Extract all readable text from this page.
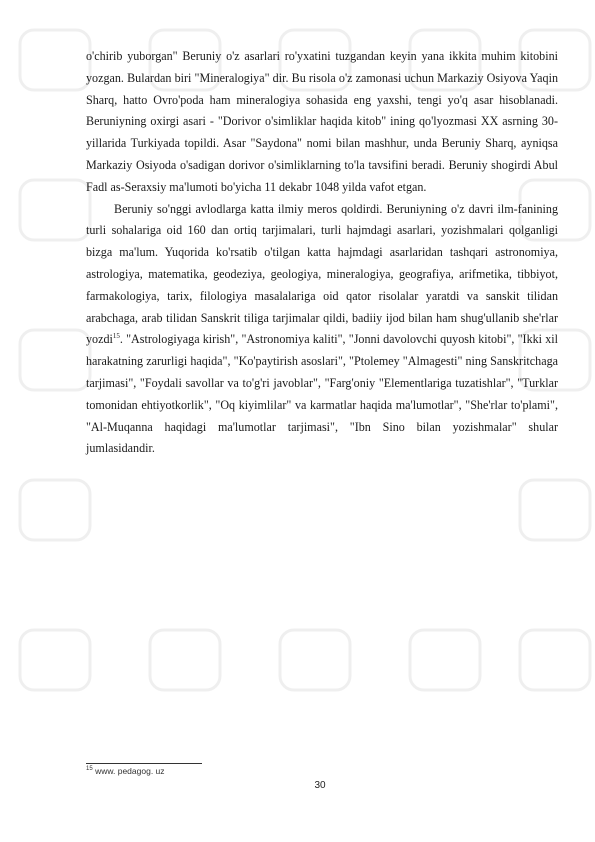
o'chirib yuborgan" Beruniy o'z asarlari ro'yxatini tuzgandan keyin yana ikkita muhim kitobini yozgan. Bulardan biri "Mineralogiya" dir. Bu risola o'z zamonasi uchun Markaziy Osiyova Yaqin Sharq, hatto Ovro'poda ham mineralogiya sohasida eng yaxshi, tengi yo'q asar hisoblanadi. Beruniyning oxirgi asari - "Dorivor o'simliklar haqida kitob" ining qo'lyozmasi XX asrning 30-yillarida Turkiyada topildi. Asar "Saydona" nomi bilan mashhur, unda Beruniy Sharq, ayniqsa Markaziy Osiyoda o'sadigan dorivor o'simliklarning to'la tavsifini beradi. Beruniy shogirdi Abul Fadl as-Seraxsiy ma'lumoti bo'yicha 11 dekabr 1048 yilda vafot etgan.

Beruniy so'nggi avlodlarga katta ilmiy meros qoldirdi. Beruniyning o'z davri ilm-fanining turli sohalariga oid 160 dan ortiq tarjimalari, turli hajmdagi asarlari, yozishmalari qolganligi bizga ma'lum. Yuqorida ko'rsatib o'tilgan katta hajmdagi asarlaridan tashqari astronomiya, astrologiya, matematika, geodeziya, geologiya, mineralogiya, geografiya, arifmetika, tibbiyot, farmakologiya, tarix, filologiya masalalariga oid qator risolalar yaratdi va sanskit tilidan arabchaga, arab tilidan Sanskrit tiliga tarjimalar qildi, badiiy ijod bilan ham shug'ullanib she'rlar yozdi$^{15}$. "Astrologiyaga kirish", "Astronomiya kaliti", "Jonni davolovchi quyosh kitobi", "Ikki xil harakatning zarurligi haqida", "Ko'paytirish asoslari", "Ptolemey "Almagesti" ning Sanskritchaga tarjimasi", "Foydali savollar va to'g'ri javoblar", "Farg'oniy "Elementlariga tuzatishlar", "Turklar tomonidan ehtiyotkorlik", "Oq kiyimlilar" va karmatlar haqida ma'lumotlar", "She'rlar to'plami", "Al-Muqanna haqidagi ma'lumotlar tarjimasi", "Ibn Sino bilan yozishmalar" shular jumlasidandir.

$^{15}$ www. pedagog. uz
30
